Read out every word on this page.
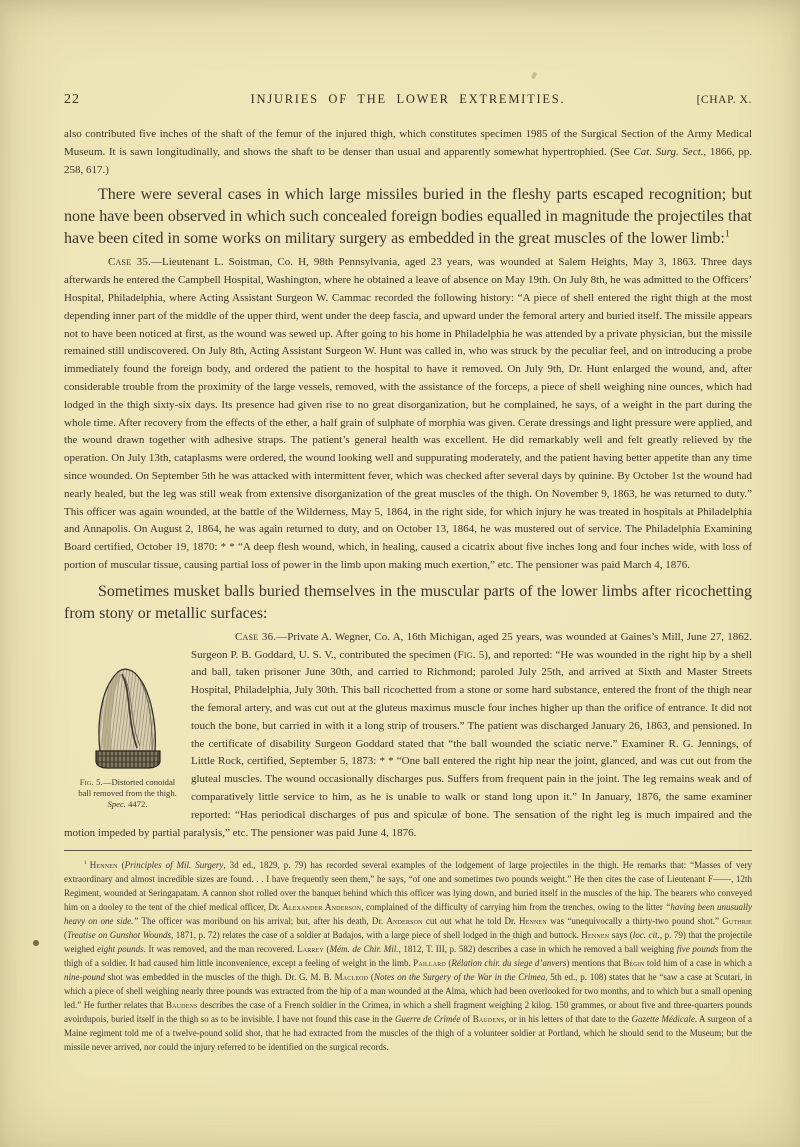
22	INJURIES OF THE LOWER EXTREMITIES.	[CHAP. X.
also contributed five inches of the shaft of the femur of the injured thigh, which constitutes specimen 1985 of the Surgical Section of the Army Medical Museum. It is sawn longitudinally, and shows the shaft to be denser than usual and apparently somewhat hypertrophied. (See Cat. Surg. Sect., 1866, pp. 258, 617.)
There were several cases in which large missiles buried in the fleshy parts escaped recognition; but none have been observed in which such concealed foreign bodies equalled in magnitude the projectiles that have been cited in some works on military surgery as embedded in the great muscles of the lower limb:$^1$
Case 35.—Lieutenant L. Soistman, Co. H, 98th Pennsylvania, aged 23 years, was wounded at Salem Heights, May 3, 1863. Three days afterwards he entered the Campbell Hospital, Washington, where he obtained a leave of absence on May 19th. On July 8th, he was admitted to the Officers’ Hospital, Philadelphia, where Acting Assistant Surgeon W. Cammac recorded the following history: “A piece of shell entered the right thigh at the most depending inner part of the middle of the upper third, went under the deep fascia, and upward under the femoral artery and buried itself. The missile appears not to have been noticed at first, as the wound was sewed up. After going to his home in Philadelphia he was attended by a private physician, but the missile remained still undiscovered. On July 8th, Acting Assistant Surgeon W. Hunt was called in, who was struck by the peculiar feel, and on introducing a probe immediately found the foreign body, and ordered the patient to the hospital to have it removed. On July 9th, Dr. Hunt enlarged the wound, and, after considerable trouble from the proximity of the large vessels, removed, with the assistance of the forceps, a piece of shell weighing nine ounces, which had lodged in the thigh sixty-six days. Its presence had given rise to no great disorganization, but he complained, he says, of a weight in the part during the whole time. After recovery from the effects of the ether, a half grain of sulphate of morphia was given. Cerate dressings and light pressure were applied, and the wound drawn together with adhesive straps. The patient’s general health was excellent. He did remarkably well and felt greatly relieved by the operation. On July 13th, cataplasms were ordered, the wound looking well and suppurating moderately, and the patient having better appetite than any time since wounded. On September 5th he was attacked with intermittent fever, which was checked after several days by quinine. By October 1st the wound had nearly healed, but the leg was still weak from extensive disorganization of the great muscles of the thigh. On November 9, 1863, he was returned to duty.” This officer was again wounded, at the battle of the Wilderness, May 5, 1864, in the right side, for which injury he was treated in hospitals at Philadelphia and Annapolis. On August 2, 1864, he was again returned to duty, and on October 13, 1864, he was mustered out of service. The Philadelphia Examining Board certified, October 19, 1870: * * “A deep flesh wound, which, in healing, caused a cicatrix about five inches long and four inches wide, with loss of portion of muscular tissue, causing partial loss of power in the limb upon making much exertion,” etc. The pensioner was paid March 4, 1876.
Sometimes musket balls buried themselves in the muscular parts of the lower limbs after ricochetting from stony or metallic surfaces:
Fig. 5.—Distorted conoidal ball removed from the thigh. Spec. 4472.
Case 36.—Private A. Wegner, Co. A, 16th Michigan, aged 25 years, was wounded at Gaines’s Mill, June 27, 1862. Surgeon P. B. Goddard, U. S. V., contributed the specimen (Fig. 5), and reported: “He was wounded in the right hip by a shell and ball, taken prisoner June 30th, and carried to Richmond; paroled July 25th, and arrived at Sixth and Master Streets Hospital, Philadelphia, July 30th. This ball ricochetted from a stone or some hard substance, entered the front of the thigh near the femoral artery, and was cut out at the gluteus maximus muscle four inches higher up than the orifice of entrance. It did not touch the bone, but carried in with it a long strip of trousers.” The patient was discharged January 26, 1863, and pensioned. In the certificate of disability Surgeon Goddard stated that “the ball wounded the sciatic nerve.” Examiner R. G. Jennings, of Little Rock, certified, September 5, 1873: * * “One ball entered the right hip near the joint, glanced, and was cut out from the gluteal muscles. The wound occasionally discharges pus. Suffers from frequent pain in the joint. The leg remains weak and of comparatively little service to him, as he is unable to walk or stand long upon it.” In January, 1876, the same examiner reported: “Has periodical discharges of pus and spiculæ of bone. The sensation of the right leg is much impaired and the motion impeded by partial paralysis,” etc. The pensioner was paid June 4, 1876.
$^1$ Hennen (Principles of Mil. Surgery, 3d ed., 1829, p. 79) has recorded several examples of the lodgement of large projectiles in the thigh. He remarks that: “Masses of very extraordinary and almost incredible sizes are found. . . I have frequently seen them,” he says, “of one and sometimes two pounds weight.” He then cites the case of Lieutenant F——, 12th Regiment, wounded at Seringapatam. A cannon shot rolled over the banquet behind which this officer was lying down, and buried itself in the muscles of the hip. The bearers who conveyed him on a dooley to the tent of the chief medical officer, Dr. Alexander Anderson, complained of the difficulty of carrying him from the trenches, owing to the litter “having been unusually heavy on one side.” The officer was moribund on his arrival; but, after his death, Dr. Anderson cut out what he told Dr. Hennen was “unequivocally a thirty-two pound shot.” Guthrie (Treatise on Gunshot Wounds, 1871, p. 72) relates the case of a soldier at Badajos, with a large piece of shell lodged in the thigh and buttock. Hennen says (loc. cit., p. 79) that the projectile weighed eight pounds. It was removed, and the man recovered. Larrey (Mém. de Chir. Mil., 1812, T. III, p. 582) describes a case in which he removed a ball weighing five pounds from the thigh of a soldier. It had caused him little inconvenience, except a feeling of weight in the limb. Paillard (Rélation chir. du siege d’anvers) mentions that Bégin told him of a case in which a nine-pound shot was embedded in the muscles of the thigh. Dr. G. M. B. Macleod (Notes on the Surgery of the War in the Crimea, 5th ed., p. 108) states that he “saw a case at Scutari, in which a piece of shell weighing nearly three pounds was extracted from the hip of a man wounded at the Alma, which had been overlooked for two months, and to which but a small opening led.” He further relates that Baudens describes the case of a French soldier in the Crimea, in which a shell fragment weighing 2 kilog. 150 grammes, or about five and three-quarters pounds avoirdupois, buried itself in the thigh so as to be invisible. I have not found this case in the Guerre de Crimée of Baudens, or in his letters of that date to the Gazette Médicale. A surgeon of a Maine regiment told me of a twelve-pound solid shot, that he had extracted from the muscles of the thigh of a volunteer soldier at Portland, which he should send to the Museum; but the missile never arrived, nor could the injury referred to be identified on the surgical records.
